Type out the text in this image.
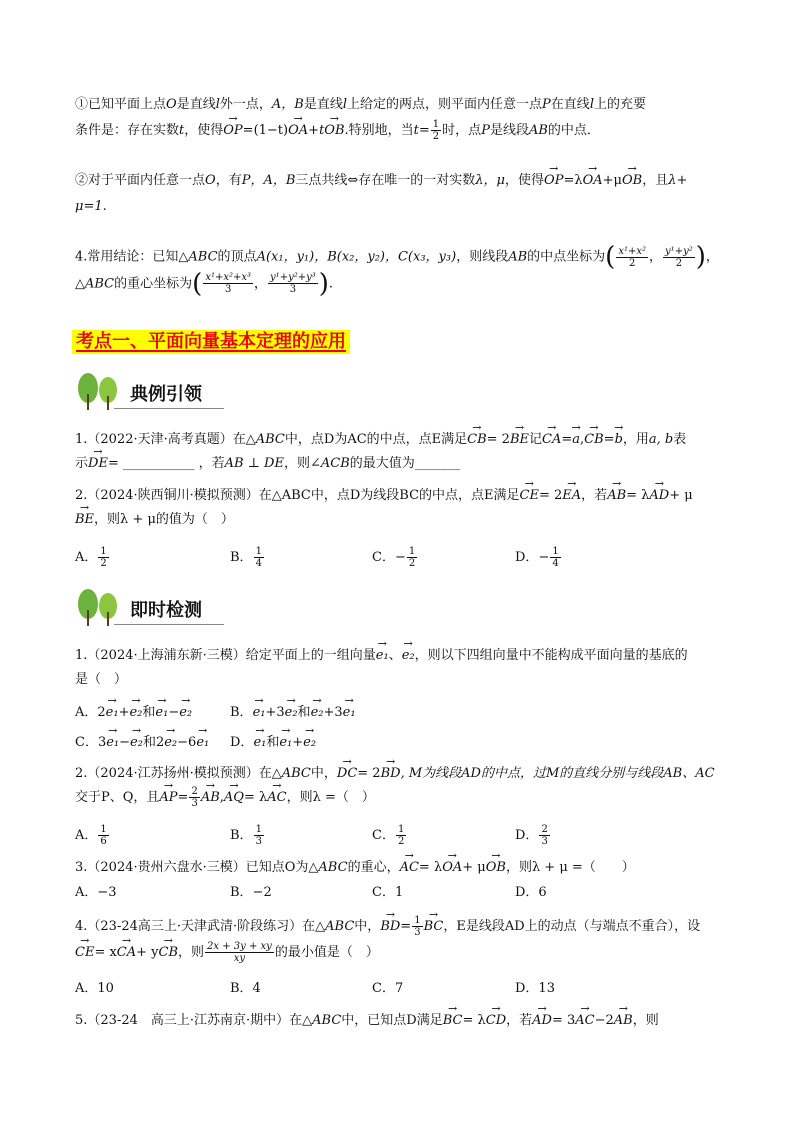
①已知平面上点O是直线l外一点，A，B是直线l上给定的两点，则平面内任意一点P在直线l上的充要
条件是：存在实数t，使得→ OP=(1−t)→ OA+t→ OB.特别地，当$t= \frac{1}{2}$ 时，点P是线段AB的中点．
②对于平面内任意一点O，有P，A，B三点共线⇔存在唯一的一对实数λ，μ，使得→ OP=λ→ OA+μ→ OB，且λ+
μ=1.
4.常用结论：已知△ABC的顶点A(x₁，y₁)，B(x₂，y₂)，C(x₃，y₃)，则线段AB的中点坐标为( $\frac{\text{x¹+x²}}{2}$ ， $\frac{\text{y¹+y²}}{2}$ )，
△ABC的重心坐标为( $\frac{\text{x¹+x²+x³}}{3}$ ， $\frac{\text{y¹+y²+y³}}{3}$ ).
考点一、平面向量基本定理的应用
典例引领
1.（2022·天津·高考真题）在△ABC中，点D为AC的中点，点E满足→ CB= 2→ BE记→ CA=→ a,→ CB=→ b，用a, b表
示→ DE= ___________ ，若AB ⊥ DE，则∠ACB的最大值为_______
2.（2024·陕西铜川·模拟预测）在△ABC中，点D为线段BC的中点，点E满足→ CE= 2→ EA，若→ AB= λ→ AD+ μ
→ BE，则λ + μ的值为（　）
A． $\frac{1}{2}$	B． $\frac{1}{4}$	C．− $\frac{1}{2}$	D．− $\frac{1}{4}$
即时检测
1.（2024·上海浦东新·三模）给定平面上的一组向量→ e₁、→ e₂，则以下四组向量中不能构成平面向量的基底的
是（　）
A．2→ e₁+→ e₂和→ e₁−→ e₂	B．→ e₁+3→ e₂和→ e₂+3→ e₁
C．3→ e₁−→ e₂和2→ e₂−6→ e₁ D．→ e₁和→ e₁+→ e₂
2.（2024·江苏扬州·模拟预测）在△ABC中，→ DC= 2→ BD, M为线段AD的中点，过M的直线分别与线段AB、AC
交于P、Q，且→ $AP= \frac{2}{3}$
→ AB,→ AQ= λ→ AC，则λ =（　）
A． $\frac{1}{6}$	B． $\frac{1}{3}$	C． $\frac{1}{2}$	D． $\frac{2}{3}$
3.（2024·贵州六盘水·三模）已知点O为△ABC的重心，→ AC= λ→ OA+ μ→ OB，则λ + μ =（　　）
A．−3	B．−2	C．1	D．6
4.（23-24高三上·天津武清·阶段练习）在△ABC中，→ $BD= \frac{1}{3}$
→ BC，E是线段AD上的动点（与端点不重合），设
→ CE= x→ CA+ y→ CB，则 $\frac{2x + 3y + xy}{xy}$ 的最小值是（　）
A．10	B．4	C．7	D．13
5.（23-24　高三上·江苏南京·期中）在△ABC中，已知点D满足→ BC= λ→ CD，若→ AD= 3→ AC−2→ AB，则
